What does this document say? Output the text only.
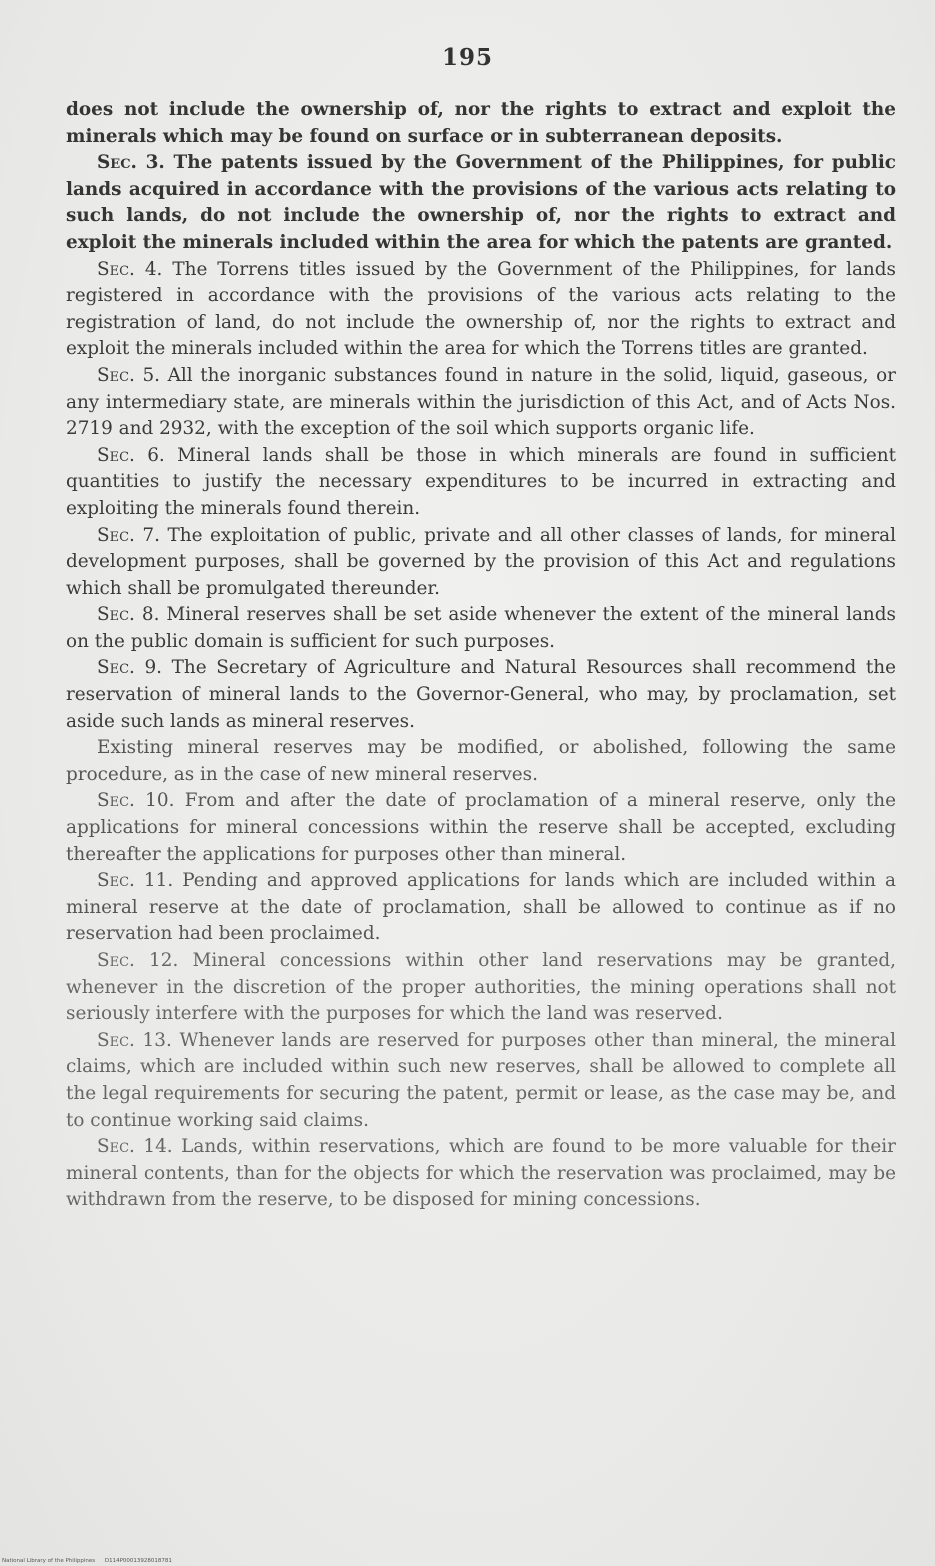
195

does not include the ownership of, nor the rights to extract and exploit the minerals which may be found on surface or in subterranean deposits.

Sec. 3. The patents issued by the Government of the Philippines, for public lands acquired in accordance with the provisions of the various acts relating to such lands, do not include the ownership of, nor the rights to extract and exploit the minerals included within the area for which the patents are granted.

Sec. 4. The Torrens titles issued by the Government of the Philippines, for lands registered in accordance with the provisions of the various acts relating to the registration of land, do not include the ownership of, nor the rights to extract and exploit the minerals included within the area for which the Torrens titles are granted.

Sec. 5. All the inorganic substances found in nature in the solid, liquid, gaseous, or any intermediary state, are minerals within the jurisdiction of this Act, and of Acts Nos. 2719 and 2932, with the exception of the soil which supports organic life.

Sec. 6. Mineral lands shall be those in which minerals are found in sufficient quantities to justify the necessary expenditures to be incurred in extracting and exploiting the minerals found therein.

Sec. 7. The exploitation of public, private and all other classes of lands, for mineral development purposes, shall be governed by the provision of this Act and regulations which shall be promulgated thereunder.

Sec. 8. Mineral reserves shall be set aside whenever the extent of the mineral lands on the public domain is sufficient for such purposes.

Sec. 9. The Secretary of Agriculture and Natural Resources shall recommend the reservation of mineral lands to the Governor-General, who may, by proclamation, set aside such lands as mineral reserves.

Existing mineral reserves may be modified, or abolished, following the same procedure, as in the case of new mineral reserves.

Sec. 10. From and after the date of proclamation of a mineral reserve, only the applications for mineral concessions within the reserve shall be accepted, excluding thereafter the applications for purposes other than mineral.

Sec. 11. Pending and approved applications for lands which are included within a mineral reserve at the date of proclamation, shall be allowed to continue as if no reservation had been proclaimed.

Sec. 12. Mineral concessions within other land reservations may be granted, whenever in the discretion of the proper authorities, the mining operations shall not seriously interfere with the purposes for which the land was reserved.

Sec. 13. Whenever lands are reserved for purposes other than mineral, the mineral claims, which are included within such new reserves, shall be allowed to complete all the legal requirements for securing the patent, permit or lease, as the case may be, and to continue working said claims.

Sec. 14. Lands, within reservations, which are found to be more valuable for their mineral contents, than for the objects for which the reservation was proclaimed, may be withdrawn from the reserve, to be disposed for mining concessions.

National Library of the Philippines D114P00013928018781
